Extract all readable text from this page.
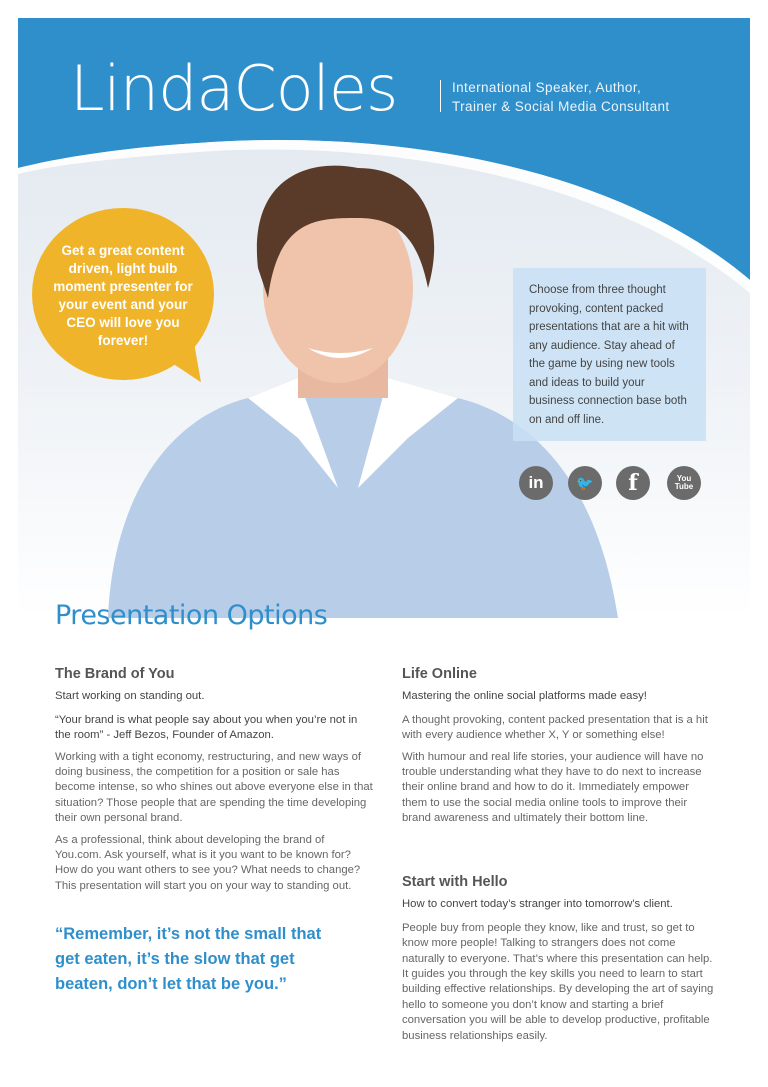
LindaColes	International Speaker, Author,
Trainer & Social Media Consultant
Get a great content driven, light bulb moment presenter for your event and your CEO will love you forever!
Choose from three thought provoking, content packed presentations that are a hit with any audience. Stay ahead of the game by using new tools and ideas to build your business connection base both on and off line.
in	🐦	f	You Tube
Presentation Options
The Brand of You
Start working on standing out.

“Your brand is what people say about you when you’re not in the room” - Jeff Bezos, Founder of Amazon.

Working with a tight economy, restructuring, and new ways of doing business, the competition for a position or sale has become intense, so who shines out above everyone else in that situation? Those people that are spending the time developing their own personal brand.

As a professional, think about developing the brand of You.com. Ask yourself, what is it you want to be known for? How do you want others to see you? What needs to change? This presentation will start you on your way to standing out.

“Remember, it’s not the small that get eaten, it’s the slow that get beaten, don’t let that be you.”
Life Online
Mastering the online social platforms made easy!

A thought provoking, content packed presentation that is a hit with every audience whether X, Y or something else!

With humour and real life stories, your audience will have no trouble understanding what they have to do next to increase their online brand and how to do it. Immediately empower them to use the social media online tools to improve their brand awareness and ultimately their bottom line.

Start with Hello
How to convert today’s stranger into tomorrow’s client.

People buy from people they know, like and trust, so get to know more people! Talking to strangers does not come naturally to everyone. That’s where this presentation can help. It guides you through the key skills you need to learn to start building effective relationships. By developing the art of saying hello to someone you don’t know and starting a brief conversation you will be able to develop productive, profitable business relationships easily.
